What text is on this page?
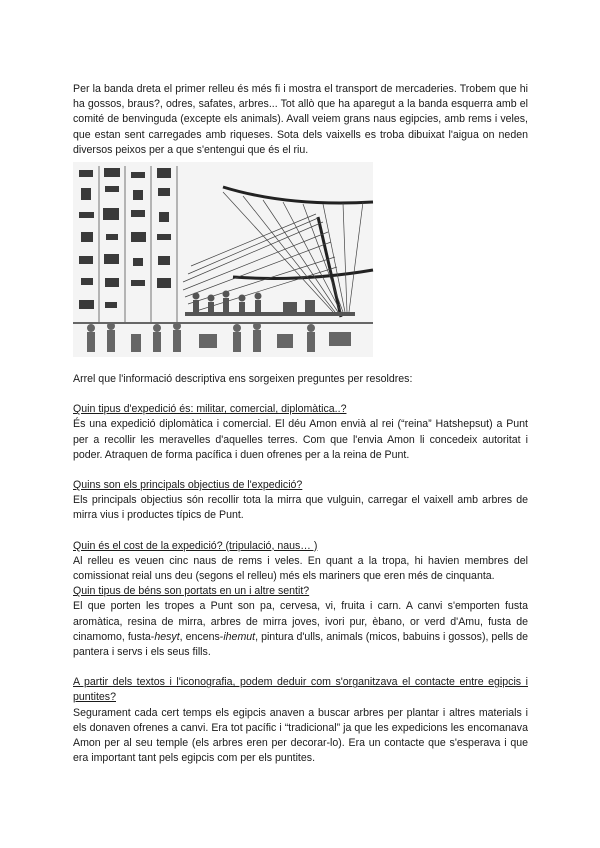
Per la banda dreta el primer relleu és més fi i mostra el transport de mercaderies. Trobem que hi ha gossos, braus?, odres, safates, arbres... Tot allò que ha aparegut a la banda esquerra amb el comité de benvinguda (excepte els animals). Avall veiem grans naus egipcies, amb rems i veles, que estan sent carregades amb riqueses. Sota dels vaixells es troba dibuixat l'aigua on neden diversos peixos per a que s'entengui que és el riu.

Arrel que l'informació descriptiva ens sorgeixen preguntes per resoldres:

Quin tipus d'expedició és: militar, comercial, diplomàtica..?

És una expedició diplomàtica i comercial. El déu Amon envià al rei (“reina” Hatshepsut) a Punt per a recollir les meravelles d'aquelles terres. Com que l'envia Amon li concedeix autoritat i poder. Atraquen de forma pacífica i duen ofrenes per a la reina de Punt.

Quins son els principals objectius de l'expedició?

Els principals objectius són recollir tota la mirra que vulguin, carregar el vaixell amb arbres de mirra vius i productes típics de Punt.

Quin és el cost de la expedició? (tripulació, naus… )

Al relleu es veuen cinc naus de rems i veles. En quant a la tropa, hi havien membres del comissionat reial uns deu (segons el relleu) més els mariners que eren més de cinquanta.

Quin tipus de béns son portats en un i altre sentit?

El que porten les tropes a Punt son pa, cervesa, vi, fruita i carn. A canvi s'emporten fusta aromàtica, resina de mirra, arbres de mirra joves, ivori pur, èbano, or verd d'Amu, fusta de cinamomo, fusta-hesyt, encens-ihemut, pintura d'ulls, animals (micos, babuins i gossos), pells de pantera i servs i els seus fills.

A partir dels textos i l'iconografia, podem deduir com s'organitzava el contacte entre egipcis i puntites?

Segurament cada cert temps els egipcis anaven a buscar arbres per plantar i altres materials i els donaven ofrenes a canvi. Era tot pacífic i “tradicional” ja que les expedicions les encomanava Amon per al seu temple (els arbres eren per decorar-lo). Era un contacte que s'esperava i que era important tant pels egipcis com per els puntites.
